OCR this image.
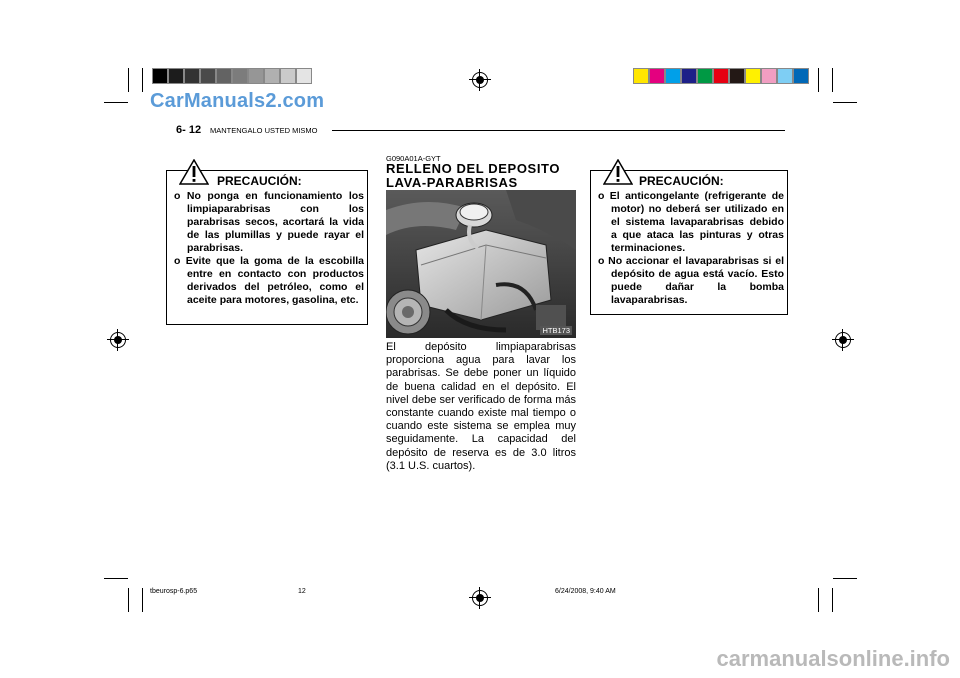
CarManuals2.com
6- 12 MANTENGALO USTED MISMO
PRECAUCIÓN:
o No ponga en funcionamiento los limpiaparabrisas con los parabrisas secos, acortará la vida de las plumillas y puede rayar el parabrisas.
o Evite que la goma de la escobilla entre en contacto con productos derivados del petróleo, como el aceite para motores, gasolina, etc.
G090A01A-GYT
RELLENO DEL DEPOSITO
LAVA-PARABRISAS
HTB173
El depósito limpiaparabrisas proporciona agua para lavar los parabrisas. Se debe poner un líquido de buena calidad en el depósito. El nivel debe ser verificado de forma más constante cuando existe mal tiempo o cuando este sistema se emplea muy seguidamente. La capacidad del depósito de reserva es de 3.0 litros (3.1 U.S. cuartos).
PRECAUCIÓN:
o El anticongelante (refrigerante de motor) no deberá ser utilizado en el sistema lavaparabrisas debido a que ataca las pinturas y otras terminaciones.
o No accionar el lavaparabrisas si el depósito de agua está vacío. Esto puede dañar la bomba lavaparabrisas.
tbeurosp-6.p65	12	6/24/2008, 9:40 AM
carmanualsonline.info
